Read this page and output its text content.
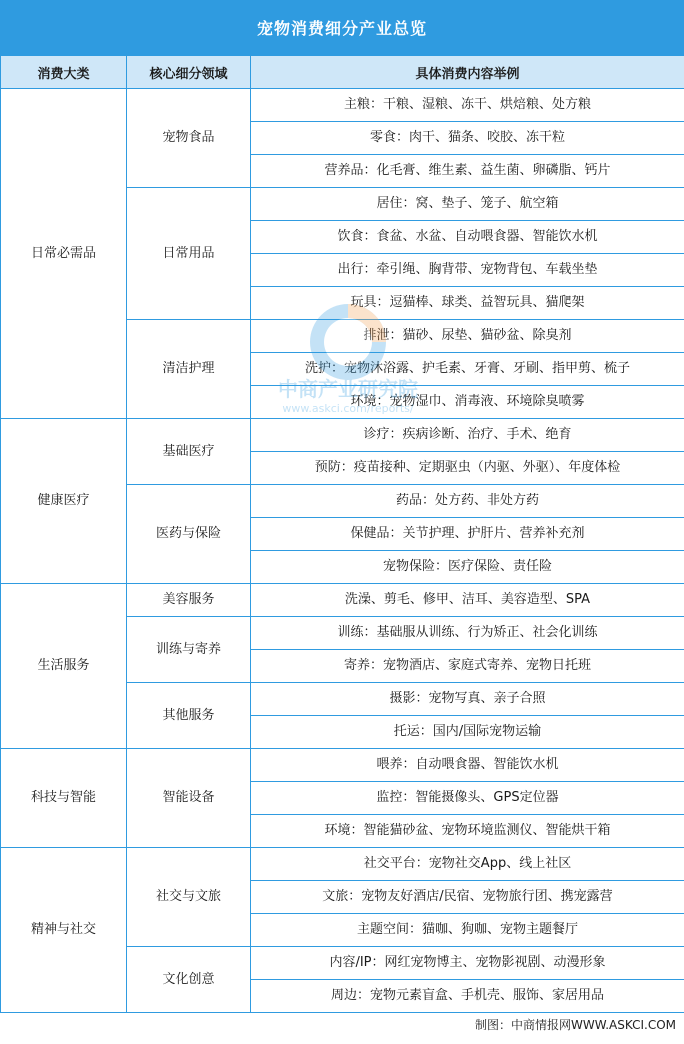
宠物消费细分产业总览
消费大类	核心细分领域	具体消费内容举例
日常必需品	宠物食品	主粮：干粮、湿粮、冻干、烘焙粮、处方粮
		零食：肉干、猫条、咬胶、冻干粒
		营养品：化毛膏、维生素、益生菌、卵磷脂、钙片
	日常用品	居住：窝、垫子、笼子、航空箱
		饮食：食盆、水盆、自动喂食器、智能饮水机
		出行：牵引绳、胸背带、宠物背包、车载坐垫
		玩具：逗猫棒、球类、益智玩具、猫爬架
	清洁护理	排泄：猫砂、尿垫、猫砂盆、除臭剂
		洗护：宠物沐浴露、护毛素、牙膏、牙刷、指甲剪、梳子
		环境：宠物湿巾、消毒液、环境除臭喷雾
健康医疗	基础医疗	诊疗：疾病诊断、治疗、手术、绝育
		预防：疫苗接种、定期驱虫（内驱、外驱）、年度体检
	医药与保险	药品：处方药、非处方药
		保健品：关节护理、护肝片、营养补充剂
		宠物保险：医疗保险、责任险
生活服务	美容服务	洗澡、剪毛、修甲、洁耳、美容造型、SPA
	训练与寄养	训练：基础服从训练、行为矫正、社会化训练
		寄养：宠物酒店、家庭式寄养、宠物日托班
	其他服务	摄影：宠物写真、亲子合照
		托运：国内/国际宠物运输
科技与智能	智能设备	喂养：自动喂食器、智能饮水机
		监控：智能摄像头、GPS定位器
		环境：智能猫砂盆、宠物环境监测仪、智能烘干箱
精神与社交	社交与文旅	社交平台：宠物社交App、线上社区
		文旅：宠物友好酒店/民宿、宠物旅行团、携宠露营
		主题空间：猫咖、狗咖、宠物主题餐厅
	文化创意	内容/IP：网红宠物博主、宠物影视剧、动漫形象
		周边：宠物元素盲盒、手机壳、服饰、家居用品
中商产业研究院
www.askci.com/reports/
制图：中商情报网WWW.ASKCI.COM
